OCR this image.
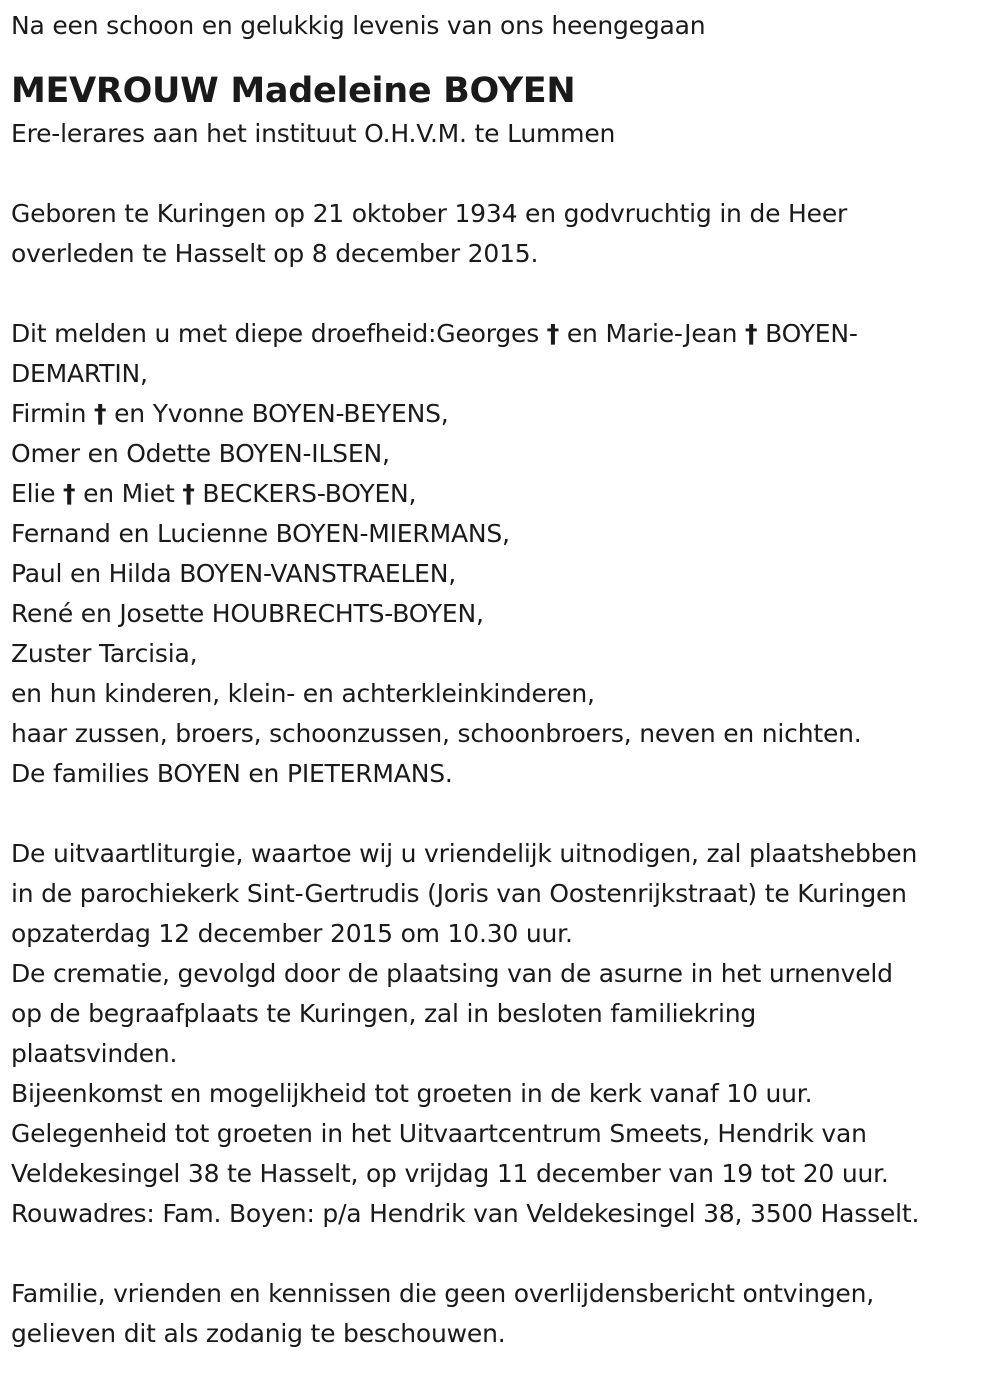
Na een schoon en gelukkig levenis van ons heengegaan
MEVROUW Madeleine BOYEN
Ere-lerares aan het instituut O.H.V.M. te Lummen
Geboren te Kuringen op 21 oktober 1934 en godvruchtig in de Heer
overleden te Hasselt op 8 december 2015.
Dit melden u met diepe droefheid:Georges † en Marie-Jean † BOYEN-
DEMARTIN,
Firmin † en Yvonne BOYEN-BEYENS,
Omer en Odette BOYEN-ILSEN,
Elie † en Miet † BECKERS-BOYEN,
Fernand en Lucienne BOYEN-MIERMANS,
Paul en Hilda BOYEN-VANSTRAELEN,
René en Josette HOUBRECHTS-BOYEN,
Zuster Tarcisia,
en hun kinderen, klein- en achterkleinkinderen,
haar zussen, broers, schoonzussen, schoonbroers, neven en nichten.
De families BOYEN en PIETERMANS.
De uitvaartliturgie, waartoe wij u vriendelijk uitnodigen, zal plaatshebben
in de parochiekerk Sint-Gertrudis (Joris van Oostenrijkstraat) te Kuringen
opzaterdag 12 december 2015 om 10.30 uur.
De crematie, gevolgd door de plaatsing van de asurne in het urnenveld
op de begraafplaats te Kuringen, zal in besloten familiekring
plaatsvinden.
Bijeenkomst en mogelijkheid tot groeten in de kerk vanaf 10 uur.
Gelegenheid tot groeten in het Uitvaartcentrum Smeets, Hendrik van
Veldekesingel 38 te Hasselt, op vrijdag 11 december van 19 tot 20 uur.
Rouwadres: Fam. Boyen: p/a Hendrik van Veldekesingel 38, 3500 Hasselt.
Familie, vrienden en kennissen die geen overlijdensbericht ontvingen,
gelieven dit als zodanig te beschouwen.
